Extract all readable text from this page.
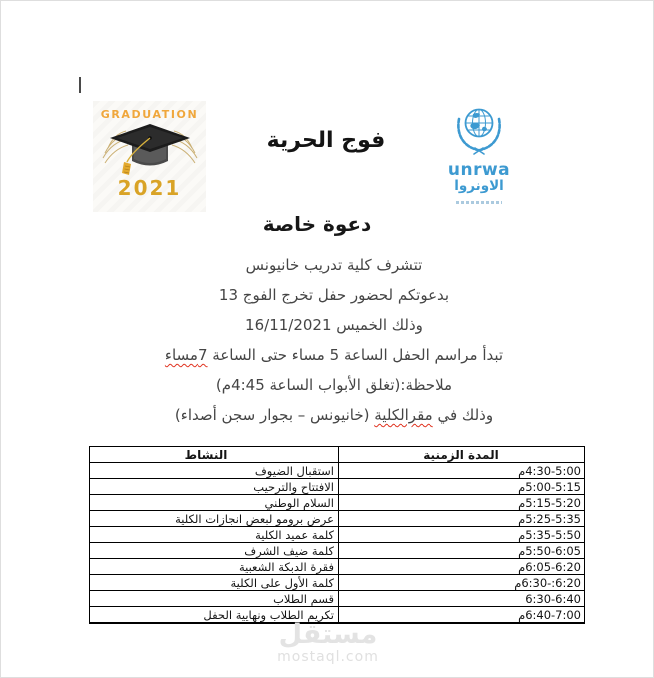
GRADUATION
2021
فوج الحرية
unrwa
الاونروا
دعوة خاصة
تتشرف كلية تدريب خانيونس
بدعوتكم لحضور حفل تخرج الفوج 13
وذلك الخميس 16/11/2021
تبدأ مراسم الحفل الساعة 5 مساء حتى الساعة 7مساء
ملاحظة:(تغلق الأبواب الساعة 4:45م)
وذلك في مقرالكلية (خانيونس – بجوار سجن أصداء)
المدة الزمنية	النشاط
م4:30-5:00	استقبال الضيوف
م5:00-5:15	الافتتاح والترحيب
م5:15-5:20	السلام الوطني
م5:25-5:35	عرض برومو لبعض انجازات الكلية
م5:35-5:50	كلمة عميد الكلية
م5:50-6:05	كلمة ضيف الشرف
م6:05-6:20	فقرة الدبكة الشعبية
م6:30-:6:20	كلمة الأول على الكلية
6:30-6:40	قسم الطلاب
م6:40-7:00	تكريم الطلاب ونهايية الحفل
مستقل
mostaql.com
